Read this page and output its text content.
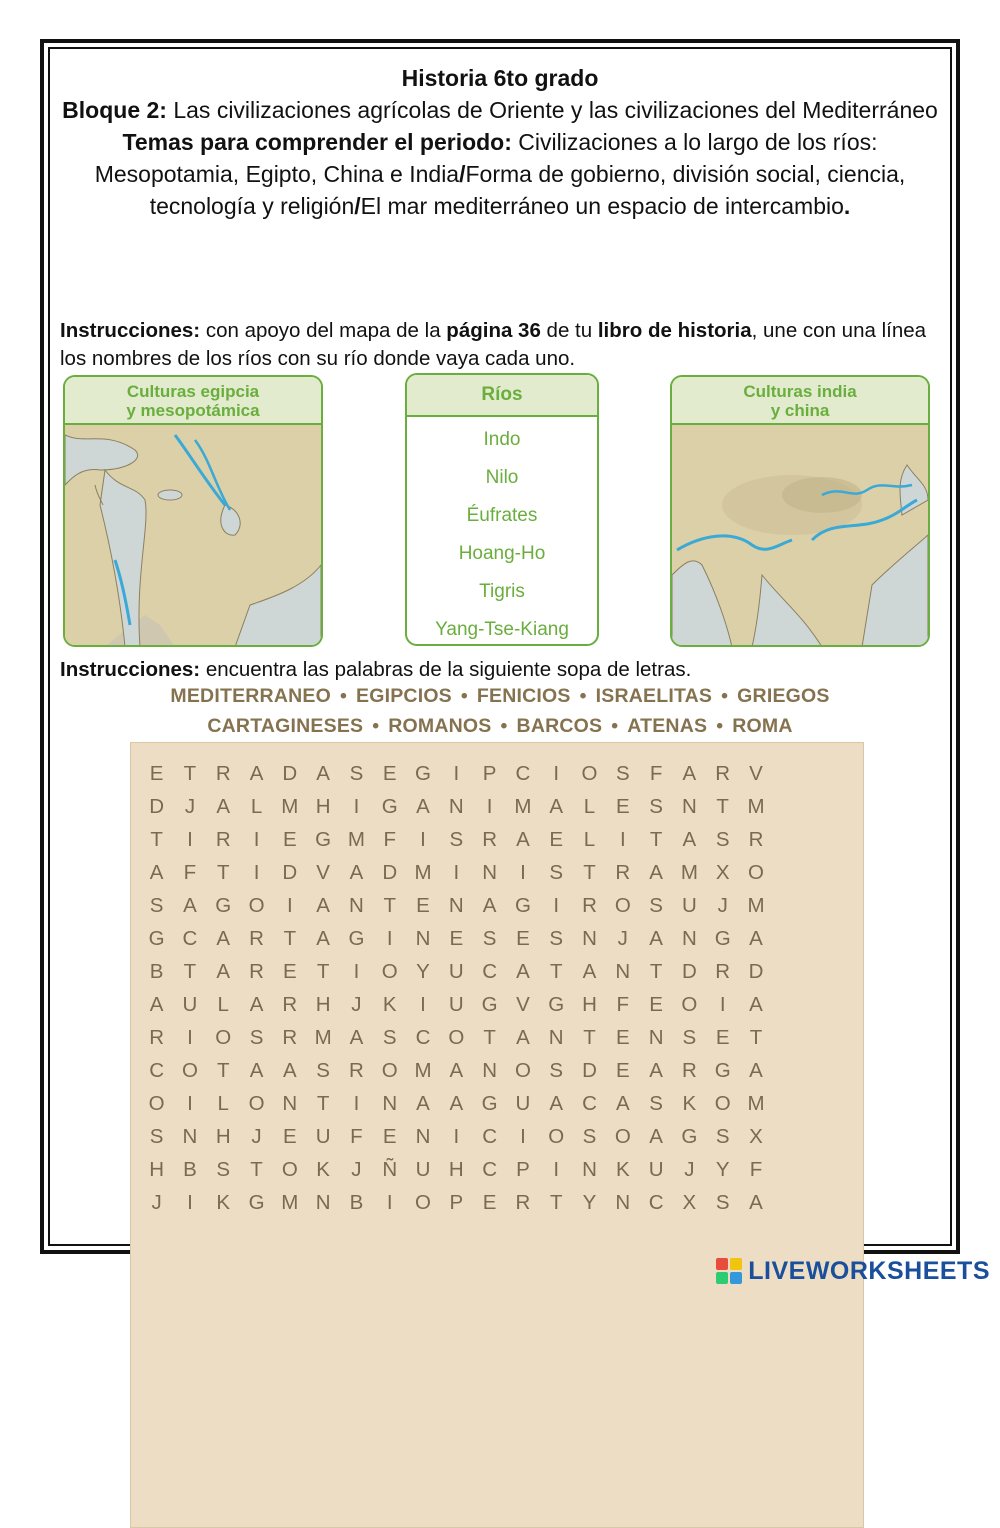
Historia 6to grado
Bloque 2: Las civilizaciones agrícolas de Oriente y las civilizaciones del Mediterráneo
Temas para comprender el periodo: Civilizaciones a lo largo de los ríos: Mesopotamia, Egipto, China e India/Forma de gobierno, división social, ciencia, tecnología y religión/El mar mediterráneo un espacio de intercambio.
Instrucciones: con apoyo del mapa de la página 36 de tu libro de historia, une con una línea los nombres de los ríos con su río donde vaya cada uno.
Culturas egipcia
y mesopotámica
Ríos
Indo
Nilo
Éufrates
Hoang-Ho
Tigris
Yang-Tse-Kiang
Culturas india
y china
Instrucciones: encuentra las palabras de la siguiente sopa de letras.
MEDITERRANEO • EGIPCIOS • FENICIOS • ISRAELITAS • GRIEGOS
CARTAGINESES • ROMANOS • BARCOS • ATENAS • ROMA
E T R A D A S E G	I	P C	I	O S F A R V
D	J	A	L M H	I	G A N	I	M A	L	E S N T M
T	I	R	I	E G M F	I	S R A E	L	I	T A S R
A F	T	I	D V A D M	I	N	I	S T R A M X O
S A G O	I	A N T E N A G	I	R O S U	J M
G C A R T A G	I	N E S E S N	J	A N G A
B T A R E T	I	O Y U C A T A N T D R D
A U L	A R H	J	K	I	U G V G H F E O	I	A
R	I	O S R M A S C O T A N T E N S E T
C O T A A S R O M A N O S D E A R G A
O	I	L O N T	I	N A A G U A C A S K O M
S N H	J	E U F E N	I	C	I	O S O A G S X
H B S T O K	J	Ñ U H C P	I	N K U	J	Y F
J	I	K G M N B	I	O P E R T Y N C X S A
LIVEWORKSHEETS
